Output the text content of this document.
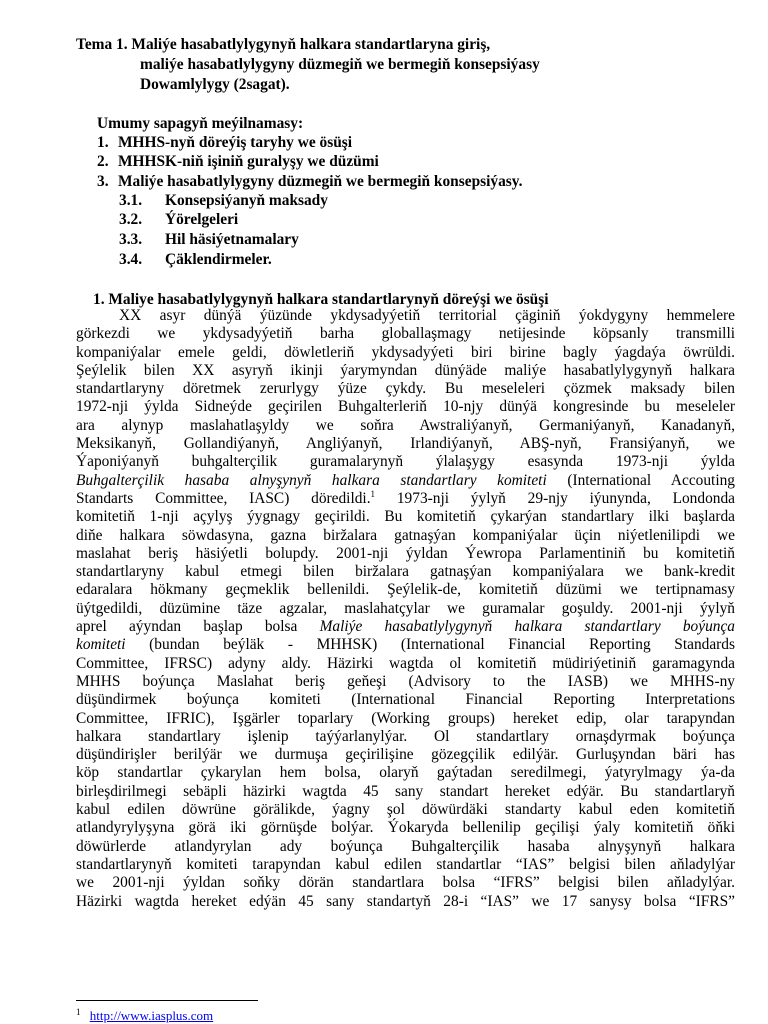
Tema 1. Maliýe hasabatlylygynyň halkara standartlaryna giriş,
maliýe hasabatlylygyny düzmegiň we bermegiň konsepsiýasy
Dowamlylygy (2sagat).
Umumy sapagyň meýilnamasy:
1. MHHS-nyň döreýiş taryhy we ösüşi
2. MHHSK-niň işiniň guralyşy we düzümi
3. Maliýe hasabatlylygyny düzmegiň we bermegiň konsepsiýasy.
3.1. Konsepsiýanyň maksady
3.2. Ýörelgeleri
3.3. Hil häsiýetnamalary
3.4. Çäklendirmeler.
1. Maliye hasabatlylygynyň halkara standartlarynyň döreýşi we ösüşi
XX asyr dünýä ýüzünde ykdysadyýetiň territorial çäginiň ýokdygyny hemmelere
görkezdi we ykdysadyýetiň barha globallaşmagy netijesinde köpsanly transmilli
kompaniýalar emele geldi, döwletleriň ykdysadyýeti biri birine bagly ýagdaýa öwrüldi.
Şeýlelik bilen XX asyryň ikinji ýarymyndan dünýäde maliýe hasabatlylygynyň halkara
standartlaryny döretmek zerurlygy ýüze çykdy. Bu meseleleri çözmek maksady bilen
1972-nji ýylda Sidneýde geçirilen Buhgalterleriň 10-njy dünýä kongresinde bu meseleler
ara alynyp maslahatlaşyldy we soňra Awstraliýanyň, Germaniýanyň, Kanadanyň,
Meksikanyň, Gollandiýanyň, Angliýanyň, Irlandiýanyň, ABŞ-nyň, Fransiýanyň, we
Ýaponiýanyň buhgalterçilik guramalarynyň ýlalaşygy esasynda 1973-nji ýylda
Buhgalterçilik hasaba alnyşynyň halkara standartlary komiteti (International Accouting
Standarts Committee, IASC) döredildi.$^1$ 1973-nji ýylyň 29-njy iýunynda, Londonda
komitetiň 1-nji açylyş ýygnagy geçirildi. Bu komitetiň çykarýan standartlary ilki başlarda
diňe halkara söwdasyna, gazna biržalara gatnaşýan kompaniýalar üçin niýetlenilipdi we
maslahat beriş häsiýetli bolupdy. 2001-nji ýyldan Ýewropa Parlamentiniň bu komitetiň
standartlaryny kabul etmegi bilen biržalara gatnaşýan kompaniýalara we bank-kredit
edaralara hökmany geçmeklik bellenildi. Şeýlelik-de, komitetiň düzümi we tertipnamasy
üýtgedildi, düzümine täze agzalar, maslahatçylar we guramalar goşuldy. 2001-nji ýylyň
aprel aýyndan başlap bolsa Maliýe hasabatlylygynyň halkara standartlary boýunça
komiteti (bundan beýläk - MHHSK) (International Financial Reporting Standards
Committee, IFRSC) adyny aldy. Häzirki wagtda ol komitetiň müdiriýetiniň garamagynda
MHHS boýunça Maslahat beriş geňeşi (Advisory to the IASB) we MHHS-ny
düşündirmek boýunça komiteti (International Financial Reporting Interpretations
Committee, IFRIC), Işgärler toparlary (Working groups) hereket edip, olar tarapyndan
halkara standartlary işlenip taýýarlanylýar. Ol standartlary ornaşdyrmak boýunça
düşündirişler berilýär we durmuşa geçirilişine gözegçilik edilýär. Gurluşyndan bäri has
köp standartlar çykarylan hem bolsa, olaryň gaýtadan seredilmegi, ýatyrylmagy ýa-da
birleşdirilmegi sebäpli häzirki wagtda 45 sany standart hereket edýär. Bu standartlaryň
kabul edilen döwrüne görälikde, ýagny şol döwürdäki standarty kabul eden komitetiň
atlandyrylyşyna görä iki görnüşde bolýar. Ýokaryda bellenilip geçilişi ýaly komitetiň öňki
döwürlerde atlandyrylan ady boýunça Buhgalterçilik hasaba alnyşynyň halkara
standartlarynyň komiteti tarapyndan kabul edilen standartlar “IAS” belgisi bilen aňladylýar
we 2001-nji ýyldan soňky dörän standartlara bolsa “IFRS” belgisi bilen aňladylýar.
Häzirki wagtda hereket edýän 45 sany standartyň 28-i “IAS” we 17 sanysy bolsa “IFRS”
$^1$ http://www.iasplus.com
